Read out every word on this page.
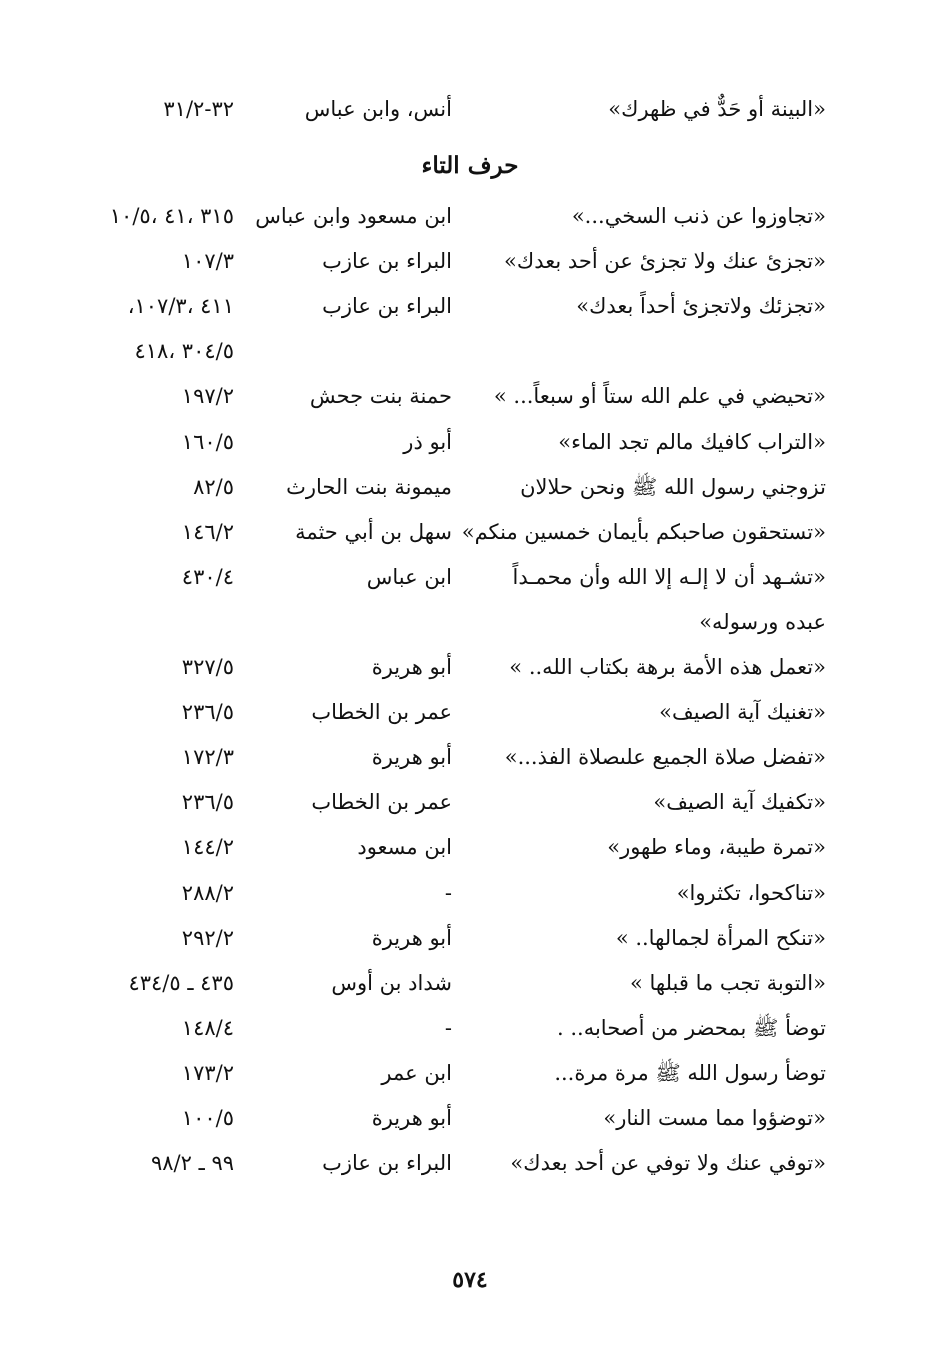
«البينة أو حَدٌّ في ظهرك»
أنس، وابن عباس
٣٢-٣١/٢
حرف التاء
«تجاوزوا عن ذنب السخي...»
ابن مسعود وابن عباس
٣١٥ ،٤١ ،١٠/٥
«تجزئ عنك ولا تجزئ عن أحد بعدك»
البراء بن عازب
١٠٧/٣
«تجزئك ولاتجزئ أحداً بعدك»
البراء بن عازب
٤١١ ،١٠٧/٣،
٣٠٤/٥ ،٤١٨
«تحيضي في علم الله ستاً أو سبعاً... »
حمنة بنت جحش
١٩٧/٢
«التراب كافيك مالم تجد الماء»
أبو ذر
١٦٠/٥
تزوجني رسول الله ﷺ ونحن حلالان
ميمونة بنت الحارث
٨٢/٥
«تستحقون صاحبكم بأيمان خمسين منكم»
سهل بن أبي حثمة
١٤٦/٢
«تشـهد أن لا إلـه إلا الله وأن محمـداً
ابن عباس
٤٣٠/٤
عبده ورسوله»
«تعمل هذه الأمة برهة بكتاب الله.. »
أبو هريرة
٣٢٧/٥
«تغنيك آية الصيف»
عمر بن الخطاب
٢٣٦/٥
«تفضل صلاة الجميع علىصلاة الفذ...»
أبو هريرة
١٧٢/٣
«تكفيك آية الصيف»
عمر بن الخطاب
٢٣٦/٥
«تمرة طيبة، وماء طهور»
ابن مسعود
١٤٤/٢
«تناكحوا، تكثروا»
-
٢٨٨/٢
«تنكح المرأة لجمالها.. »
أبو هريرة
٢٩٢/٢
«التوبة تجب ما قبلها »
شداد بن أوس
٤٣٥ ـ ٤٣٤/٥
توضأ ﷺ بمحضر من أصحابه.. .
-
١٤٨/٤
توضأ رسول الله ﷺ مرة مرة...
ابن عمر
١٧٣/٢
«توضؤوا مما مست النار»
أبو هريرة
١٠٠/٥
«توفي عنك ولا توفي عن أحد بعدك»
البراء بن عازب
٩٩ ـ ٩٨/٢
٥٧٤
